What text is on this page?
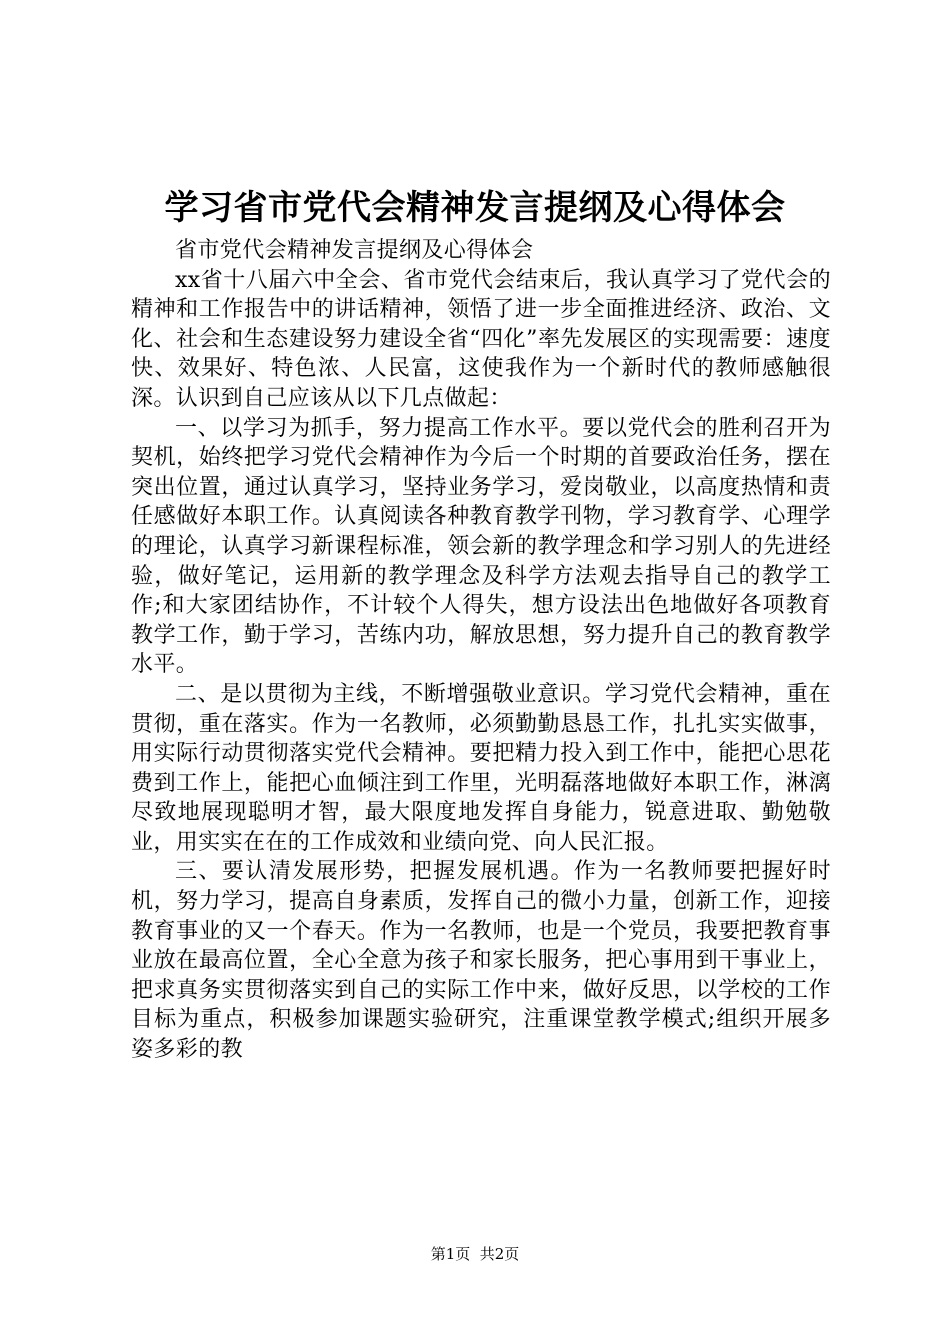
学习省市党代会精神发言提纲及心得体会

省市党代会精神发言提纲及心得体会

xx省十八届六中全会、省市党代会结束后，我认真学习了党代会的精神和工作报告中的讲话精神，领悟了进一步全面推进经济、政治、文化、社会和生态建设努力建设全省“四化”率先发展区的实现需要：速度快、效果好、特色浓、人民富，这使我作为一个新时代的教师感触很深。认识到自己应该从以下几点做起：

一、以学习为抓手，努力提高工作水平。要以党代会的胜利召开为契机，始终把学习党代会精神作为今后一个时期的首要政治任务，摆在突出位置，通过认真学习，坚持业务学习，爱岗敬业，以高度热情和责任感做好本职工作。认真阅读各种教育教学刊物，学习教育学、心理学的理论，认真学习新课程标准，领会新的教学理念和学习别人的先进经验，做好笔记，运用新的教学理念及科学方法观去指导自己的教学工作;和大家团结协作，不计较个人得失，想方设法出色地做好各项教育教学工作，勤于学习，苦练内功，解放思想，努力提升自己的教育教学水平。

二、是以贯彻为主线，不断增强敬业意识。学习党代会精神，重在贯彻，重在落实。作为一名教师，必须勤勤恳恳工作，扎扎实实做事，用实际行动贯彻落实党代会精神。要把精力投入到工作中，能把心思花费到工作上，能把心血倾注到工作里，光明磊落地做好本职工作，淋漓尽致地展现聪明才智，最大限度地发挥自身能力，锐意进取、勤勉敬业，用实实在在的工作成效和业绩向党、向人民汇报。

三、要认清发展形势，把握发展机遇。作为一名教师要把握好时机，努力学习，提高自身素质，发挥自己的微小力量，创新工作，迎接教育事业的又一个春天。作为一名教师，也是一个党员，我要把教育事业放在最高位置，全心全意为孩子和家长服务，把心事用到干事业上，把求真务实贯彻落实到自己的实际工作中来，做好反思，以学校的工作目标为重点，积极参加课题实验研究，注重课堂教学模式;组织开展多姿多彩的教

第1页  共2页
